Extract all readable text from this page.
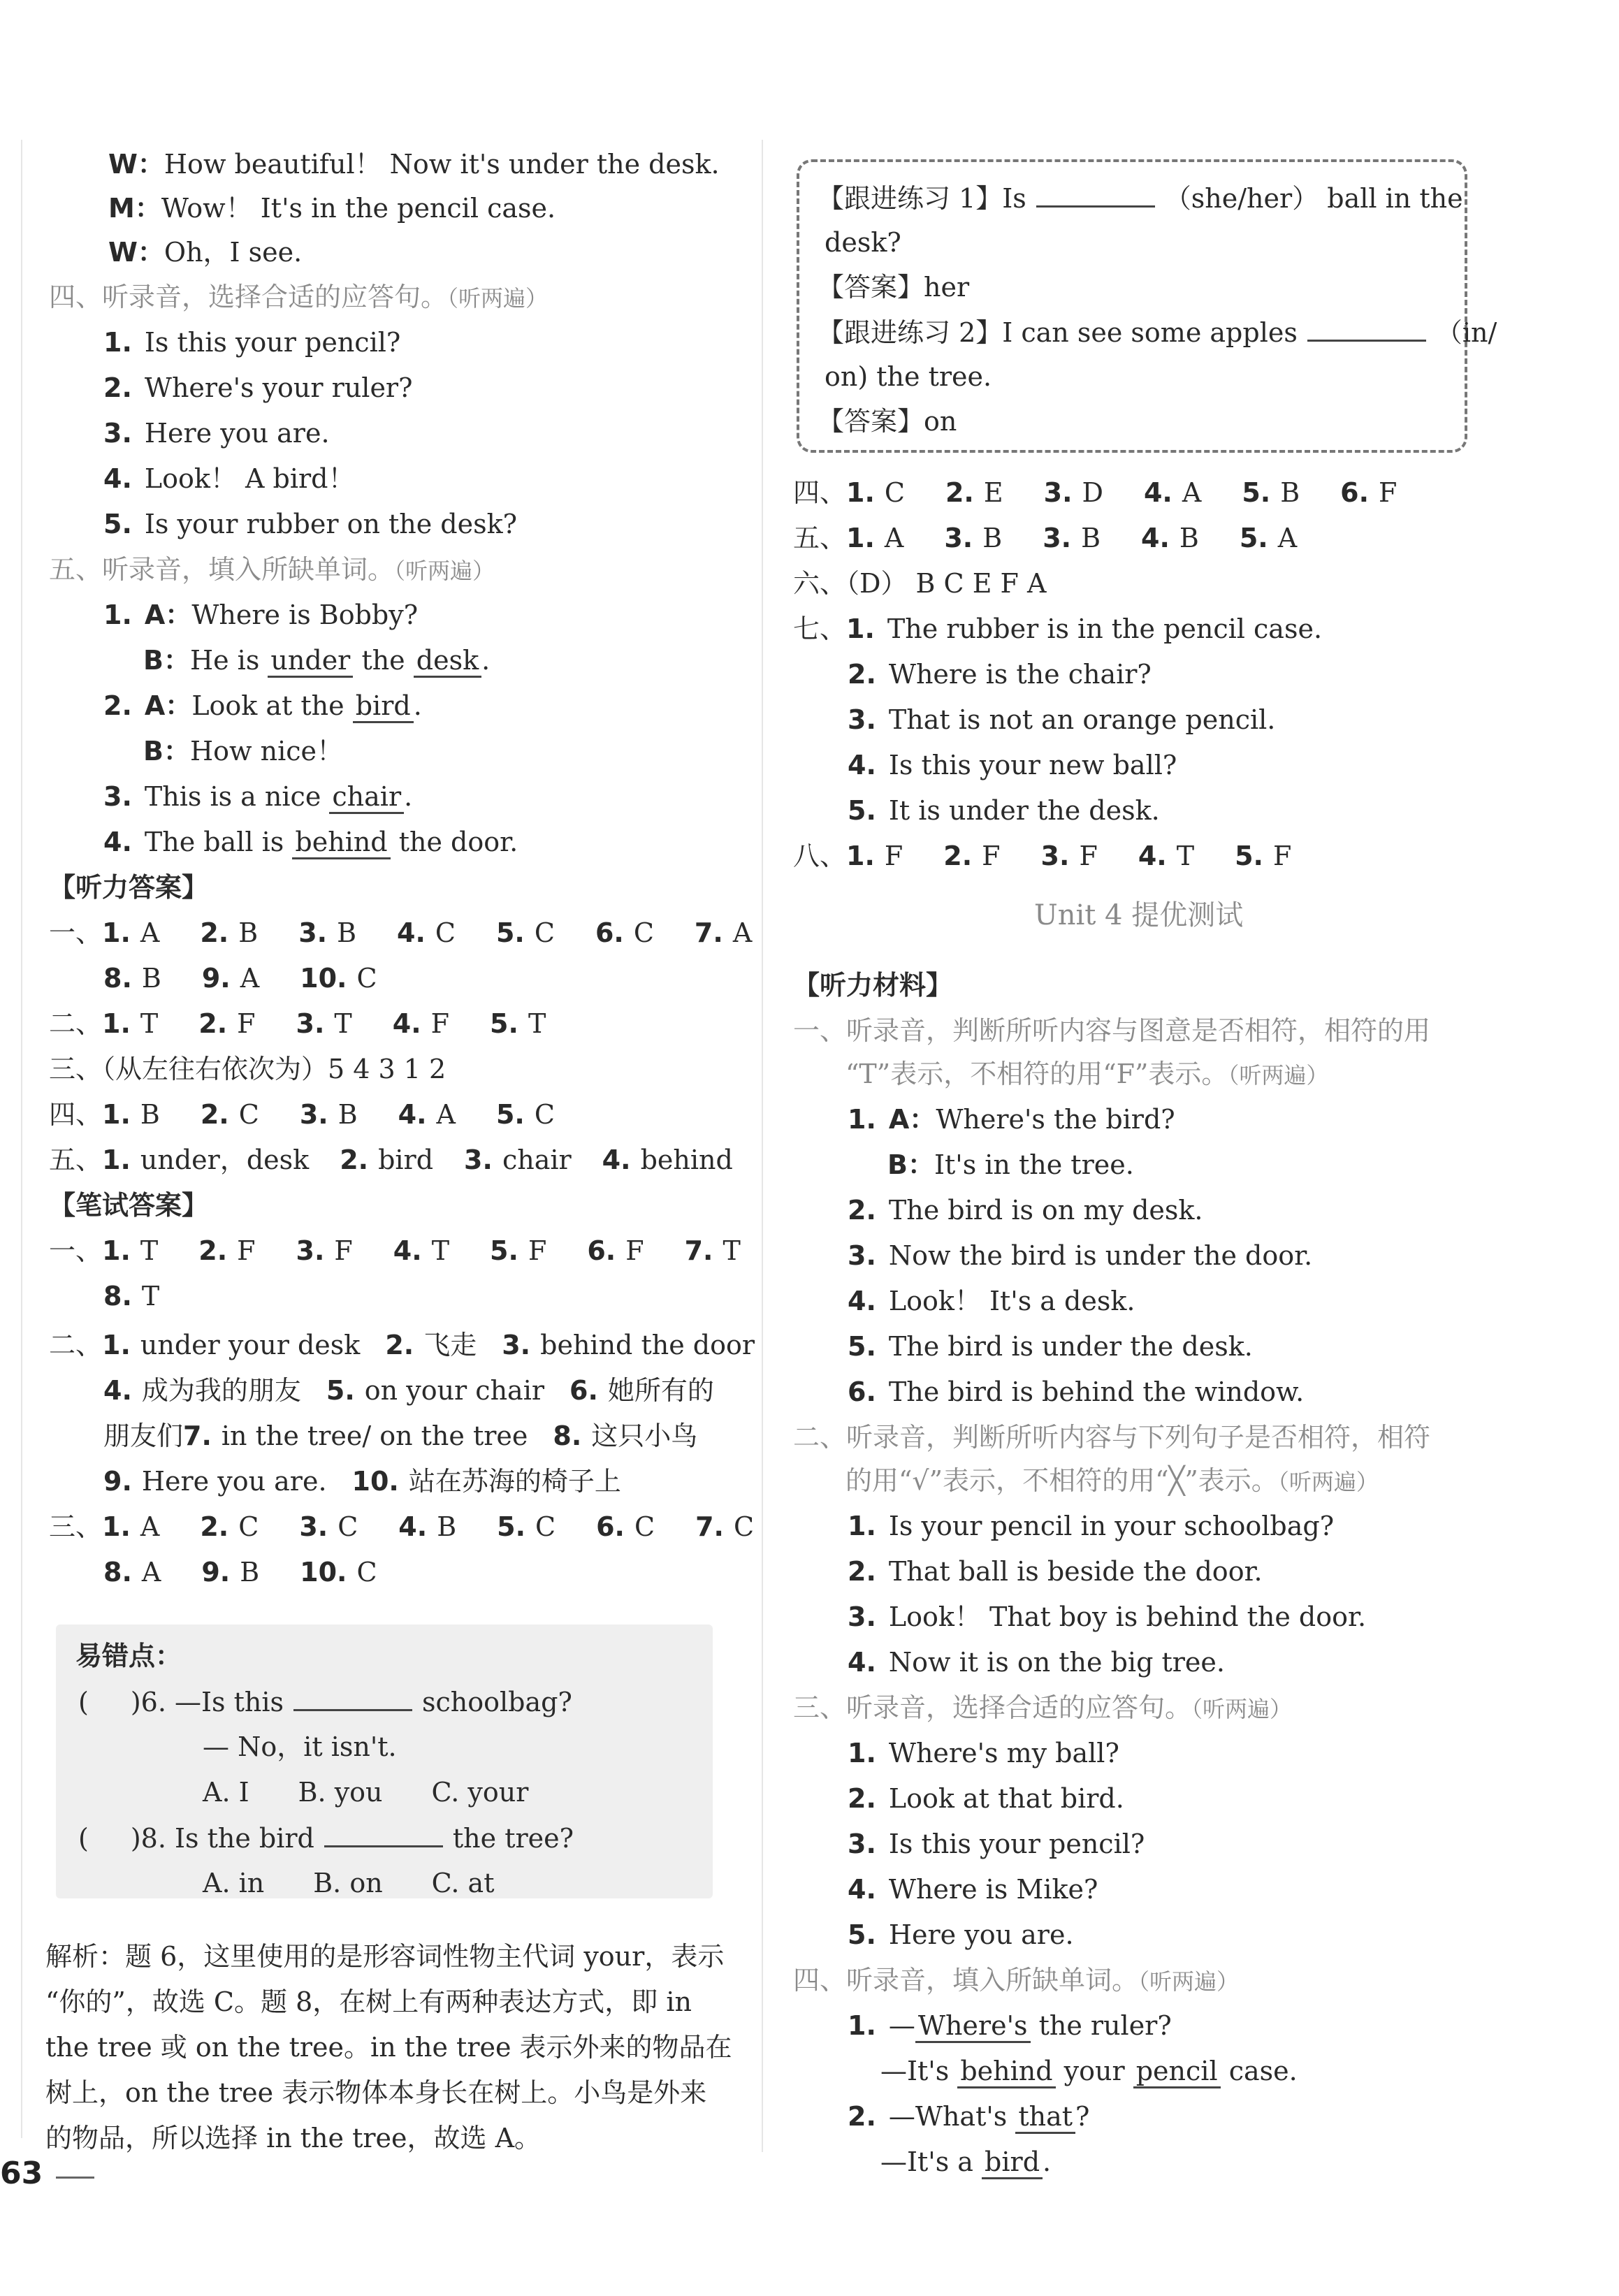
W：How beautiful！ Now it's under the desk.
M：Wow！ It's in the pencil case.
W：Oh，I see.
四、听录音，选择合适的应答句。（听两遍）
1. Is this your pencil?
2. Where's your ruler?
3. Here you are.
4. Look！ A bird！
5. Is your rubber on the desk?
五、听录音，填入所缺单词。（听两遍）
1. A：Where is Bobby?
B：He is under the desk .
2. A：Look at the bird .
B：How nice！
3. This is a nice chair .
4. The ball is behind the door.
【听力答案】
一、1. A 2. B 3. B 4. C 5. C 6. C 7. A
8. B 9. A 10. C
二、1. T 2. F 3. T 4. F 5. T
三、（从左往右依次为）5 4 3 1 2
四、1. B 2. C 3. B 4. A 5. C
五、1. under，desk 2. bird 3. chair 4. behind
【笔试答案】
一、1. T 2. F 3. F 4. T 5. F 6. F 7. T
8. T
二、1. under your desk 2. 飞走 3. behind the door
4. 成为我的朋友 5. on your chair 6. 她所有的
朋友们7. in the tree/ on the tree 8. 这只小鸟
9. Here you are. 10. 站在苏海的椅子上
三、1. A 2. C 3. C 4. B 5. C 6. C 7. C
8. A 9. B 10. C
易错点：
( )6. —Is this	schoolbag?
— No，it isn't.
A. I B. you C. your
( )8. Is the bird	the tree?
A. in B. on C. at
解析：题 6，这里使用的是形容词性物主代词 your，表示
“你的”，故选 C。题 8，在树上有两种表达方式，即 in
the tree 或 on the tree。in the tree 表示外来的物品在
树上，on the tree 表示物体本身长在树上。小鸟是外来
的物品，所以选择 in the tree，故选 A。
63
【跟进练习 1】Is	（she/her） ball in the
desk?
【答案】her
【跟进练习 2】I can see some apples	（in/
on) the tree.
【答案】on
四、1. C 2. E 3. D 4. A 5. B 6. F
五、1. A 3. B 3. B 4. B 5. A
六、（D） B C E F A
七、1. The rubber is in the pencil case.
2. Where is the chair?
3. That is not an orange pencil.
4. Is this your new ball?
5. It is under the desk.
八、1. F 2. F 3. F 4. T 5. F
Unit 4 提优测试
【听力材料】
一、听录音，判断所听内容与图意是否相符，相符的用
“T”表示，不相符的用“F”表示。（听两遍）
1. A：Where's the bird?
B：It's in the tree.
2. The bird is on my desk.
3. Now the bird is under the door.
4. Look！ It's a desk.
5. The bird is under the desk.
6. The bird is behind the window.
二、听录音，判断所听内容与下列句子是否相符，相符
的用“√”表示，不相符的用“╳”表示。（听两遍）
1. Is your pencil in your schoolbag?
2. That ball is beside the door.
3. Look！ That boy is behind the door.
4. Now it is on the big tree.
三、听录音，选择合适的应答句。（听两遍）
1. Where's my ball?
2. Look at that bird.
3. Is this your pencil?
4. Where is Mike?
5. Here you are.
四、听录音，填入所缺单词。（听两遍）
1. — Where's the ruler?
—It's behind your pencil case.
2. —What's that ?
—It's a bird .
